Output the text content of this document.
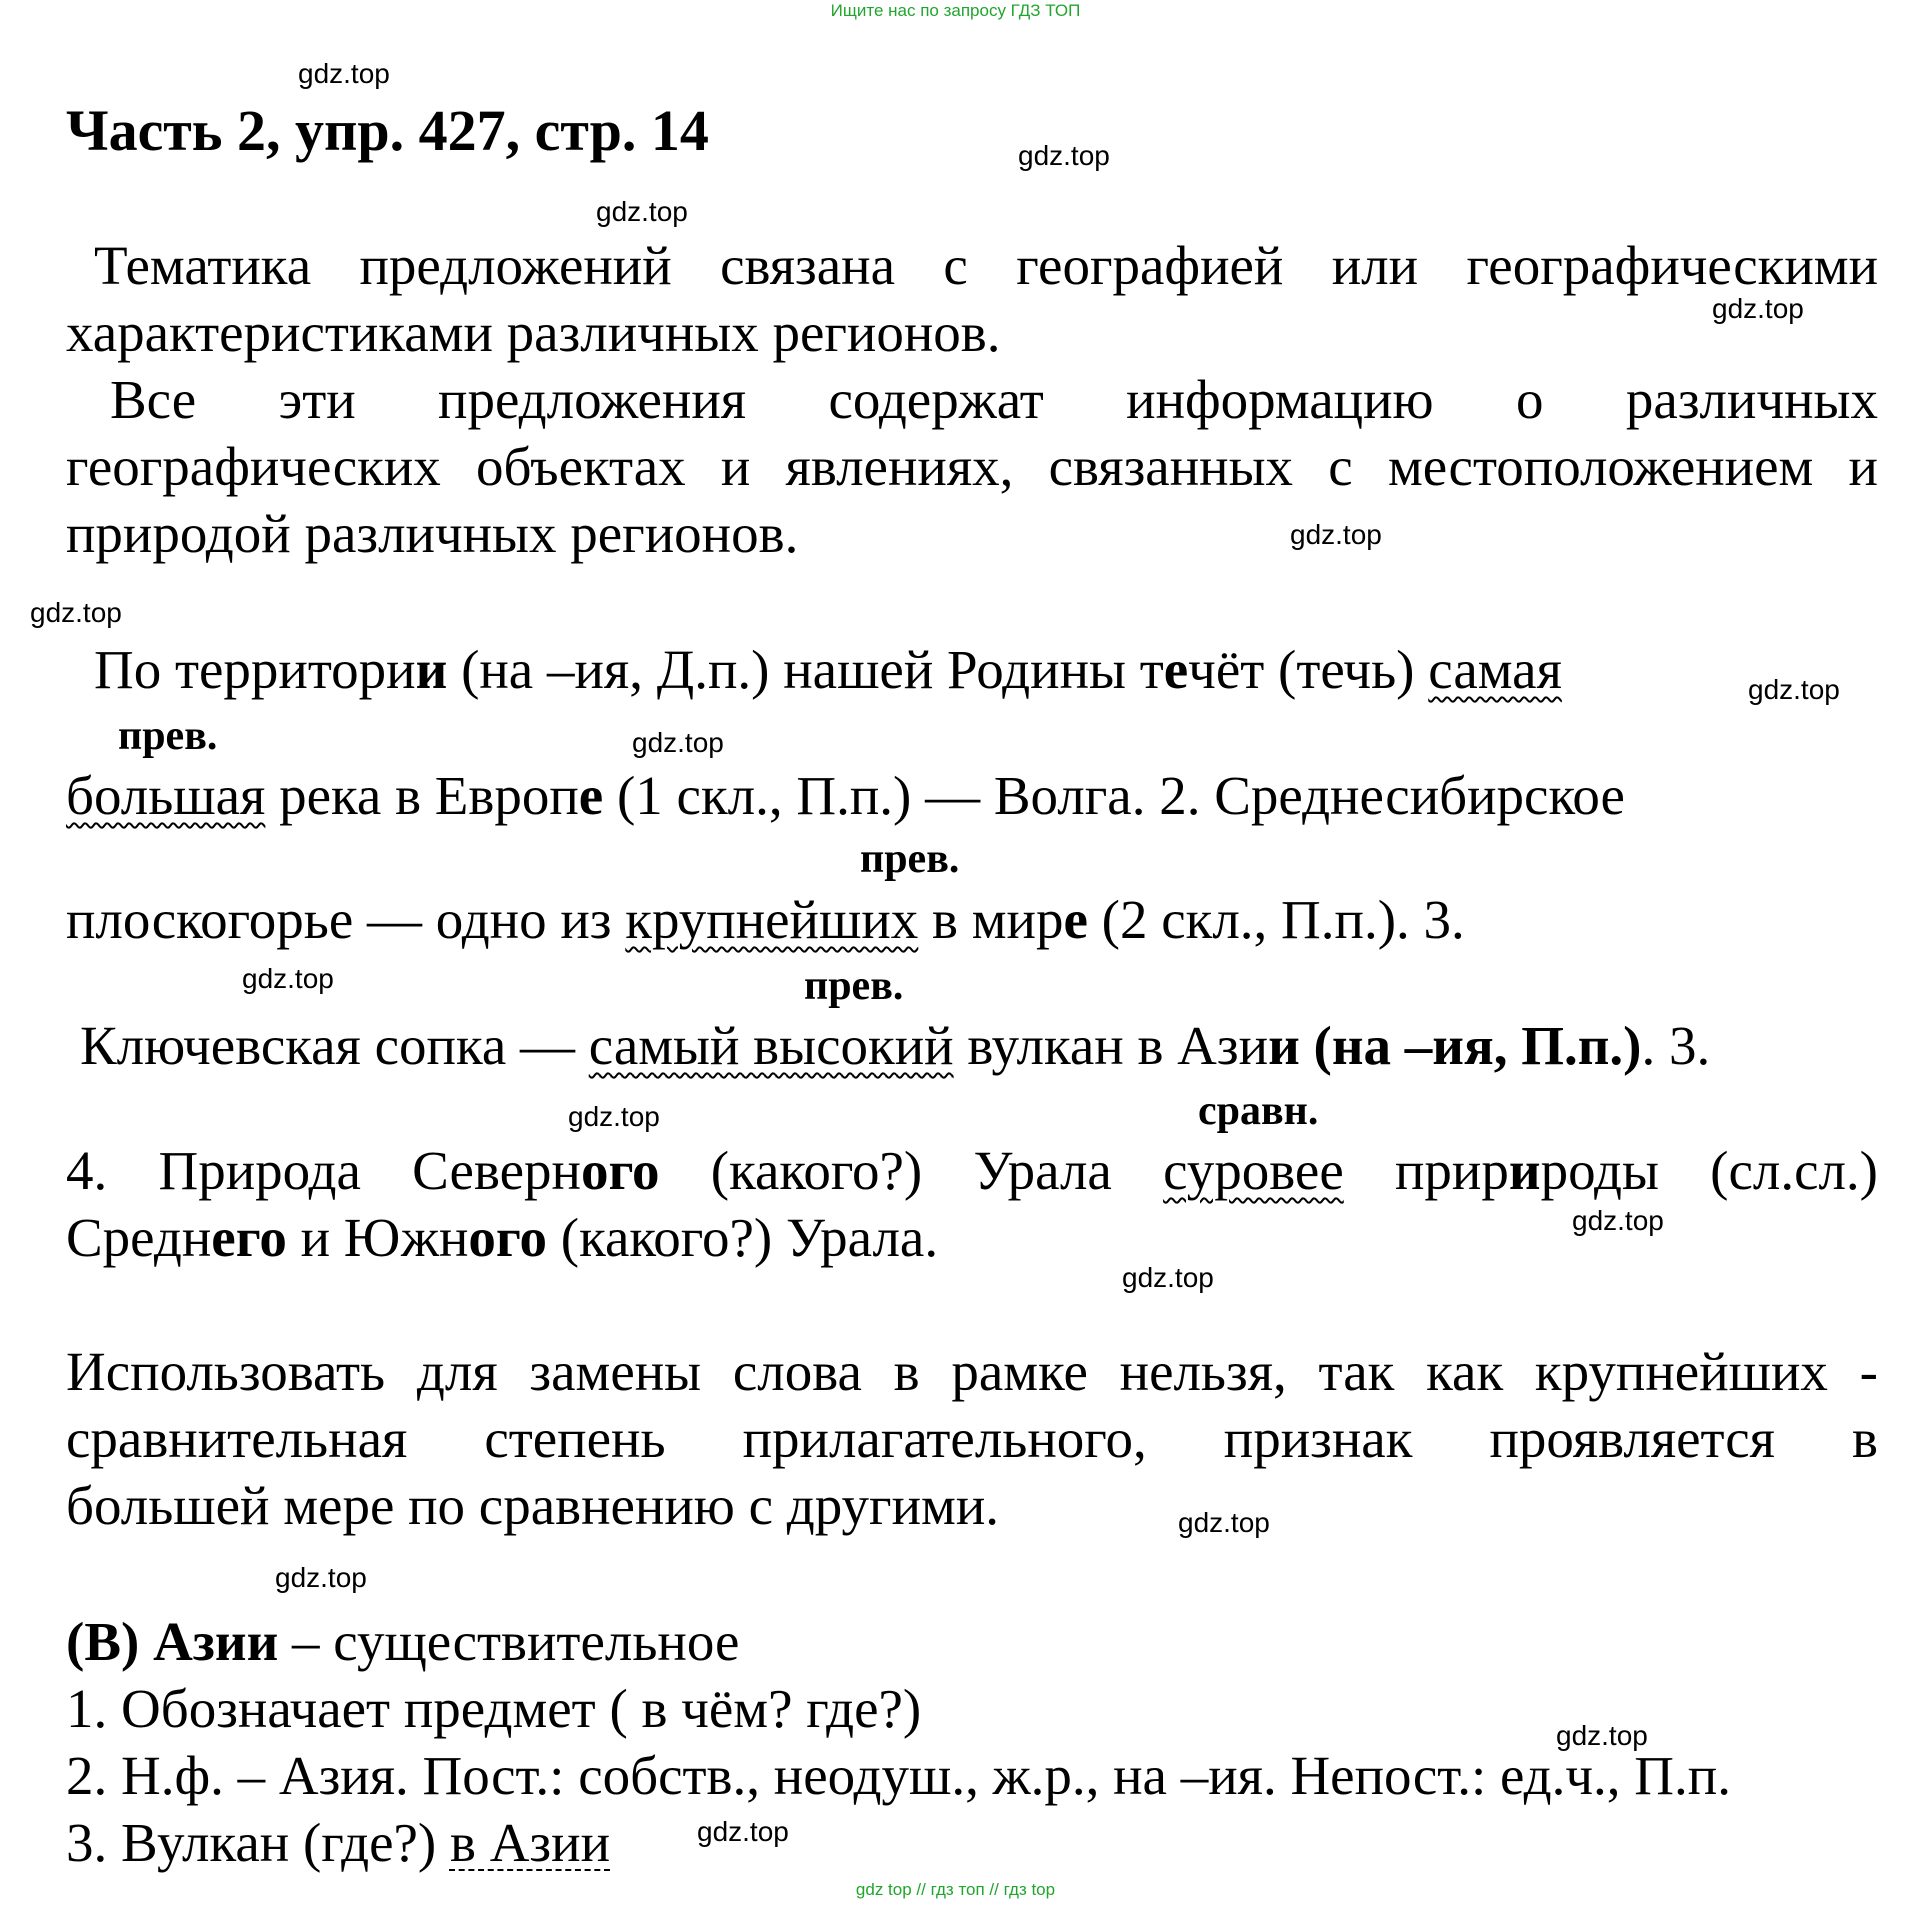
Ищите нас по запросу ГДЗ ТОП
gdz.top
gdz.top
gdz.top
gdz.top
gdz.top
gdz.top
gdz.top
gdz.top
gdz.top
gdz.top
gdz.top
gdz.top
gdz.top
gdz.top
gdz.top
gdz.top
Часть 2, упр. 427, стр. 14
Тематика предложений связана с географией или географическими
характеристиками различных регионов.
Все эти предложения содержат информацию о различных
географических объектах и явлениях, связанных с местоположением и
природой различных регионов.
По территории (на –ия, Д.п.) нашей Родины течёт (течь) самая
прев.
большая река в Европе (1 скл., П.п.) — Волга. 2. Среднесибирское
прев.
плоскогорье — одно из крупнейших в мире (2 скл., П.п.). 3.
прев.
Ключевская сопка — самый высокий вулкан в Азии (на –ия, П.п.). 3.
сравн.
4. Природа Северного (какого?) Урала суровее пририроды (сл.сл.)
Среднего и Южного (какого?) Урала.
Использовать для замены слова в рамке нельзя, так как крупнейших -
сравнительная степень прилагательного, признак проявляется в
большей мере по сравнению с другими.
(В) Азии – существительное
1. Обозначает предмет ( в чём? где?)
2. Н.ф. – Азия. Пост.: собств., неодуш., ж.р., на –ия. Непост.: ед.ч., П.п.
3. Вулкан (где?) в Азии
gdz top // гдз топ // гдз top
